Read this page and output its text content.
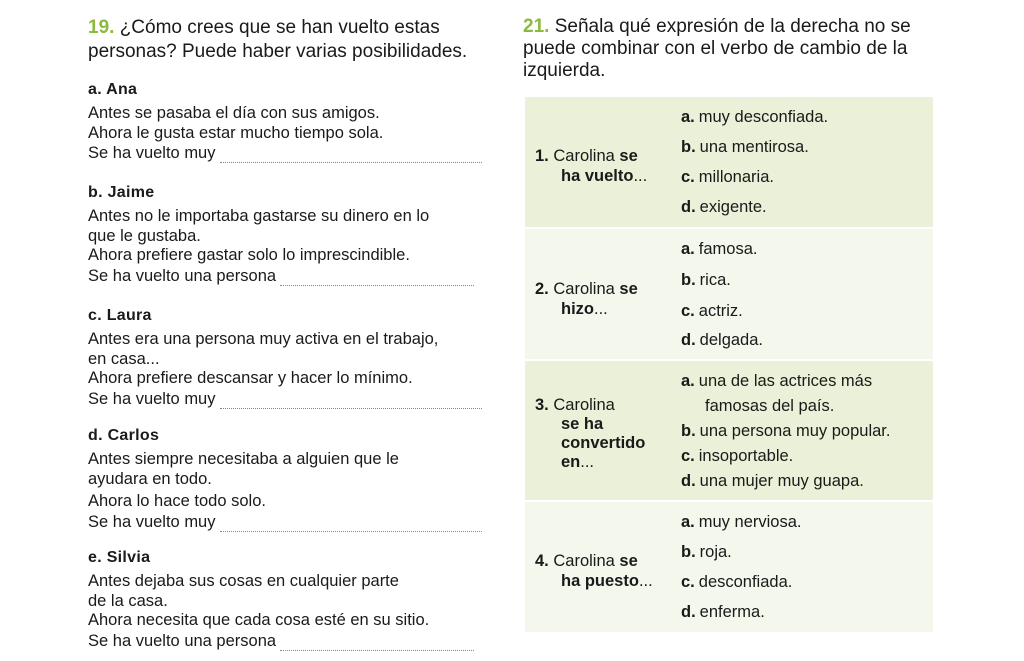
19. ¿Cómo crees que se han vuelto estas personas? Puede haber varias posibilidades.

a. Ana

Antes se pasaba el día con sus amigos.

Ahora le gusta estar mucho tiempo sola.

Se ha vuelto muy

b. Jaime

Antes no le importaba gastarse su dinero en lo

que le gustaba.

Ahora prefiere gastar solo lo imprescindible.

Se ha vuelto una persona

c. Laura

Antes era una persona muy activa en el trabajo,

en casa...

Ahora prefiere descansar y hacer lo mínimo.

Se ha vuelto muy

d. Carlos

Antes siempre necesitaba a alguien que le

ayudara en todo.

Ahora lo hace todo solo.

Se ha vuelto muy

e. Silvia

Antes dejaba sus cosas en cualquier parte

de la casa.

Ahora necesita que cada cosa esté en su sitio.

Se ha vuelto una persona

21. Señala qué expresión de la derecha no se puede combinar con el verbo de cambio de la izquierda.

1. Carolina se
ha vuelto...
a. muy desconfiada.
b. una mentirosa.
c. millonaria.
d. exigente.
2. Carolina se
hizo...
a. famosa.
b. rica.
c. actriz.
d. delgada.
3. Carolina
se ha
convertido
en...
a. una de las actrices más
famosas del país.
b. una persona muy popular.
c. insoportable.
d. una mujer muy guapa.
4. Carolina se
ha puesto...
a. muy nerviosa.
b. roja.
c. desconfiada.
d. enferma.
